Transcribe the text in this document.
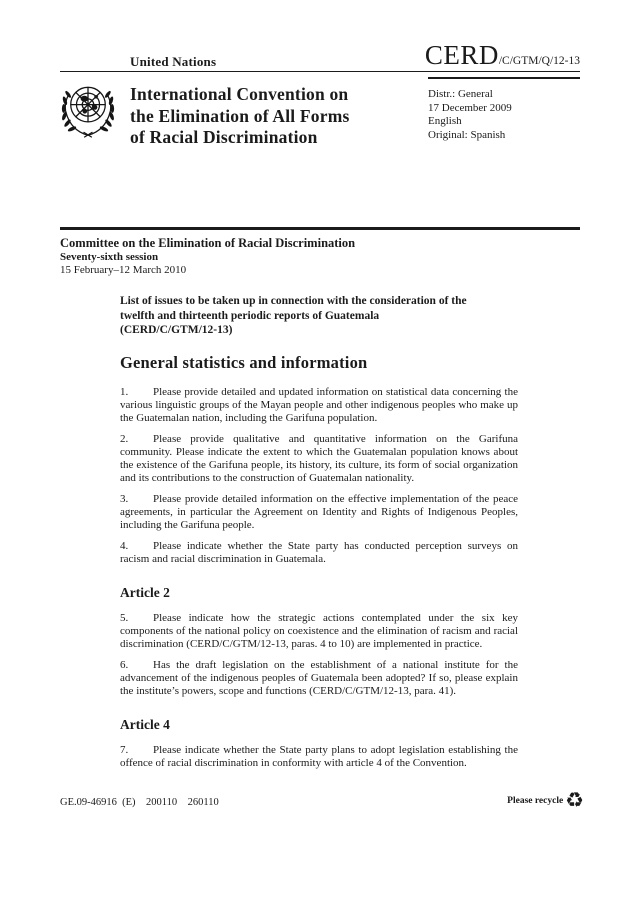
United Nations	CERD /C/GTM/Q/12-13
International Convention on
the Elimination of All Forms
of Racial Discrimination
Distr.: General
17 December 2009
English
Original: Spanish
Committee on the Elimination of Racial Discrimination
Seventy-sixth session
15 February–12 March 2010
List of issues to be taken up in connection with the consideration of the
twelfth and thirteenth periodic reports of Guatemala
(CERD/C/GTM/12-13)
General statistics and information

1. Please provide detailed and updated information on statistical data concerning the various linguistic groups of the Mayan people and other indigenous peoples who make up the Guatemalan nation, including the Garifuna population.

2. Please provide qualitative and quantitative information on the Garifuna community. Please indicate the extent to which the Guatemalan population knows about the existence of the Garifuna people, its history, its culture, its form of social organization and its contributions to the construction of Guatemalan nationality.

3. Please provide detailed information on the effective implementation of the peace agreements, in particular the Agreement on Identity and Rights of Indigenous Peoples, including the Garifuna people.

4. Please indicate whether the State party has conducted perception surveys on racism and racial discrimination in Guatemala.

Article 2

5. Please indicate how the strategic actions contemplated under the six key components of the national policy on coexistence and the elimination of racism and racial discrimination (CERD/C/GTM/12-13, paras. 4 to 10) are implemented in practice.

6. Has the draft legislation on the establishment of a national institute for the advancement of the indigenous peoples of Guatemala been adopted? If so, please explain the institute’s powers, scope and functions (CERD/C/GTM/12-13, para. 41).

Article 4

7. Please indicate whether the State party plans to adopt legislation establishing the offence of racial discrimination in conformity with article 4 of the Convention.

GE.09-46916  (E)    200110    260110	Please recycle ♻
